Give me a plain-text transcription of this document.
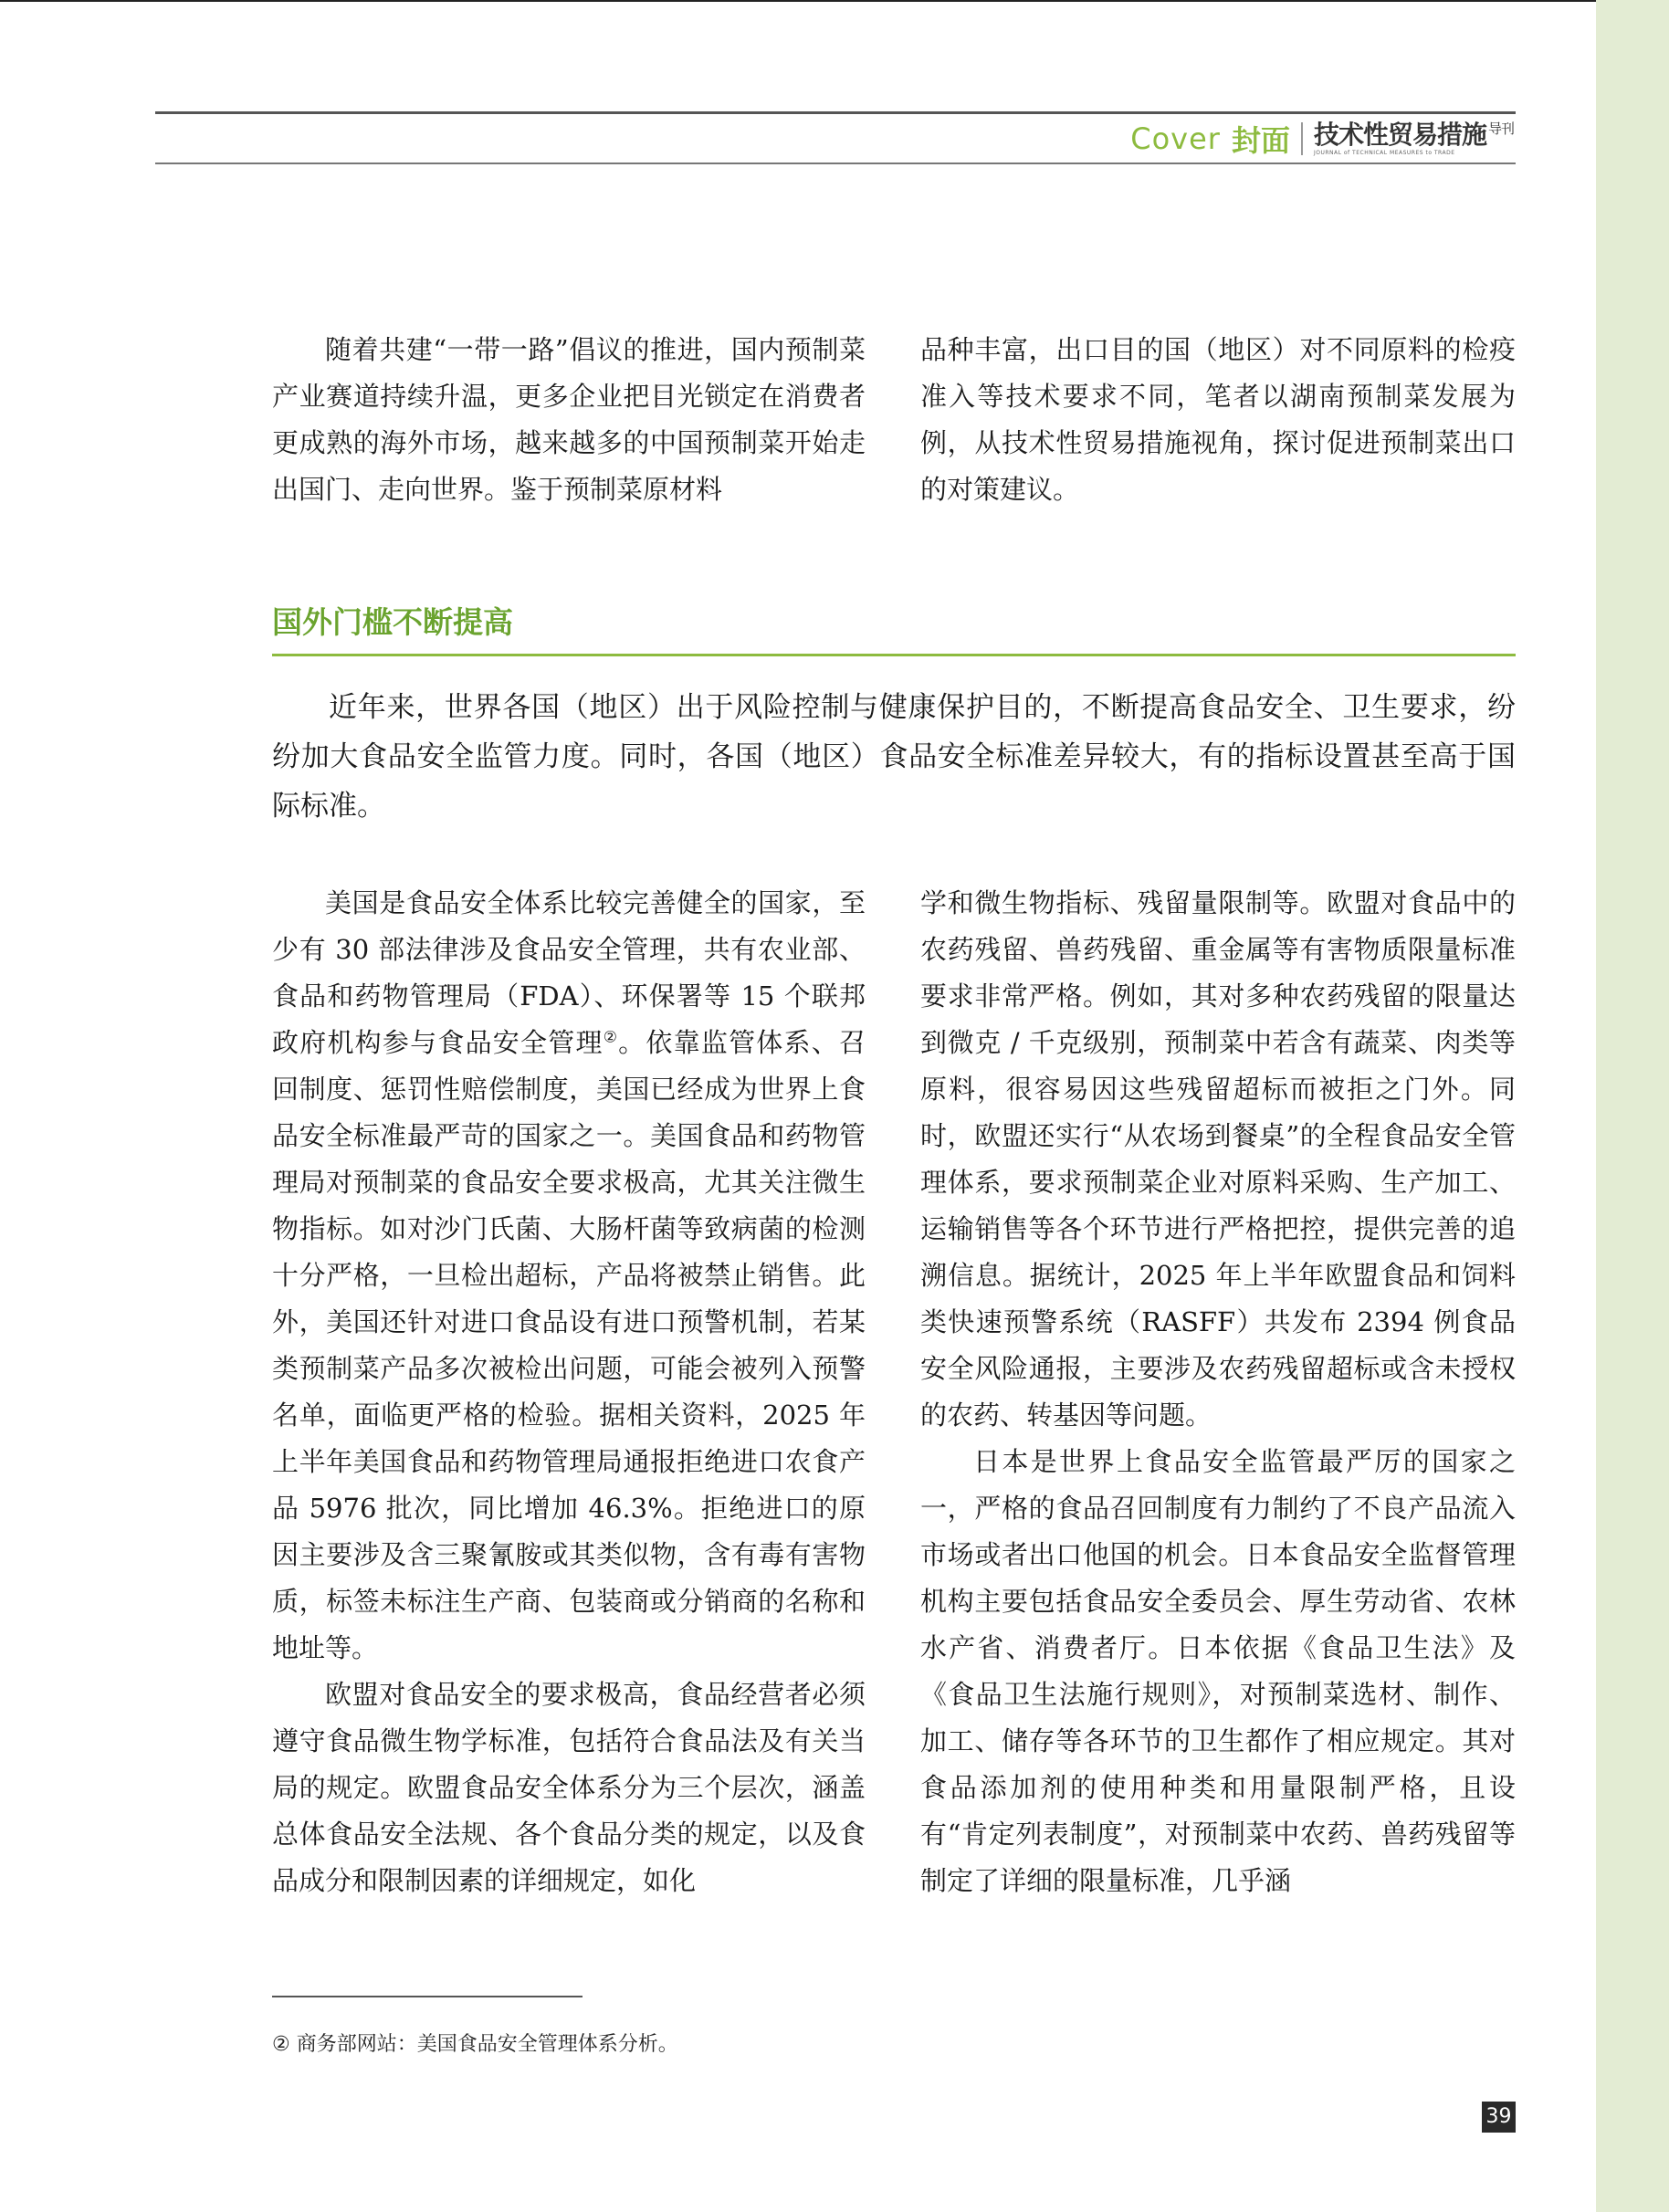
Cover 封面 技术性贸易措施 $_{导刊}$
JOURNAL of TECHNICAL MEASURES to TRADE

随着共建“一带一路”倡议的推进，国内预制菜产业赛道持续升温，更多企业把目光锁定在消费者更成熟的海外市场，越来越多的中国预制菜开始走出国门、走向世界。鉴于预制菜原材料

品种丰富，出口目的国（地区）对不同原料的检疫准入等技术要求不同，笔者以湖南预制菜发展为例，从技术性贸易措施视角，探讨促进预制菜出口的对策建议。

国外门槛不断提高

近年来，世界各国（地区）出于风险控制与健康保护目的，不断提高食品安全、卫生要求，纷纷加大食品安全监管力度。同时，各国（地区）食品安全标准差异较大，有的指标设置甚至高于国际标准。

美国是食品安全体系比较完善健全的国家，至少有 30 部法律涉及食品安全管理，共有农业部、食品和药物管理局（FDA）、环保署等 15 个联邦政府机构参与食品安全管理②。依靠监管体系、召回制度、惩罚性赔偿制度，美国已经成为世界上食品安全标准最严苛的国家之一。美国食品和药物管理局对预制菜的食品安全要求极高，尤其关注微生物指标。如对沙门氏菌、大肠杆菌等致病菌的检测十分严格，一旦检出超标，产品将被禁止销售。此外，美国还针对进口食品设有进口预警机制，若某类预制菜产品多次被检出问题，可能会被列入预警名单，面临更严格的检验。据相关资料，2025 年上半年美国食品和药物管理局通报拒绝进口农食产品 5976 批次，同比增加 46.3%。拒绝进口的原因主要涉及含三聚氰胺或其类似物，含有毒有害物质，标签未标注生产商、包装商或分销商的名称和地址等。

欧盟对食品安全的要求极高，食品经营者必须遵守食品微生物学标准，包括符合食品法及有关当局的规定。欧盟食品安全体系分为三个层次，涵盖总体食品安全法规、各个食品分类的规定，以及食品成分和限制因素的详细规定，如化

学和微生物指标、残留量限制等。欧盟对食品中的农药残留、兽药残留、重金属等有害物质限量标准要求非常严格。例如，其对多种农药残留的限量达到微克 / 千克级别，预制菜中若含有蔬菜、肉类等原料，很容易因这些残留超标而被拒之门外。同时，欧盟还实行“从农场到餐桌”的全程食品安全管理体系，要求预制菜企业对原料采购、生产加工、运输销售等各个环节进行严格把控，提供完善的追溯信息。据统计，2025 年上半年欧盟食品和饲料类快速预警系统（RASFF）共发布 2394 例食品安全风险通报，主要涉及农药残留超标或含未授权的农药、转基因等问题。

日本是世界上食品安全监管最严厉的国家之一，严格的食品召回制度有力制约了不良产品流入市场或者出口他国的机会。日本食品安全监督管理机构主要包括食品安全委员会、厚生劳动省、农林水产省、消费者厅。日本依据《食品卫生法》及《食品卫生法施行规则》，对预制菜选材、制作、加工、储存等各环节的卫生都作了相应规定。其对食品添加剂的使用种类和用量限制严格，且设有“肯定列表制度”，对预制菜中农药、兽药残留等制定了详细的限量标准，几乎涵

② 商务部网站：美国食品安全管理体系分析。
39
